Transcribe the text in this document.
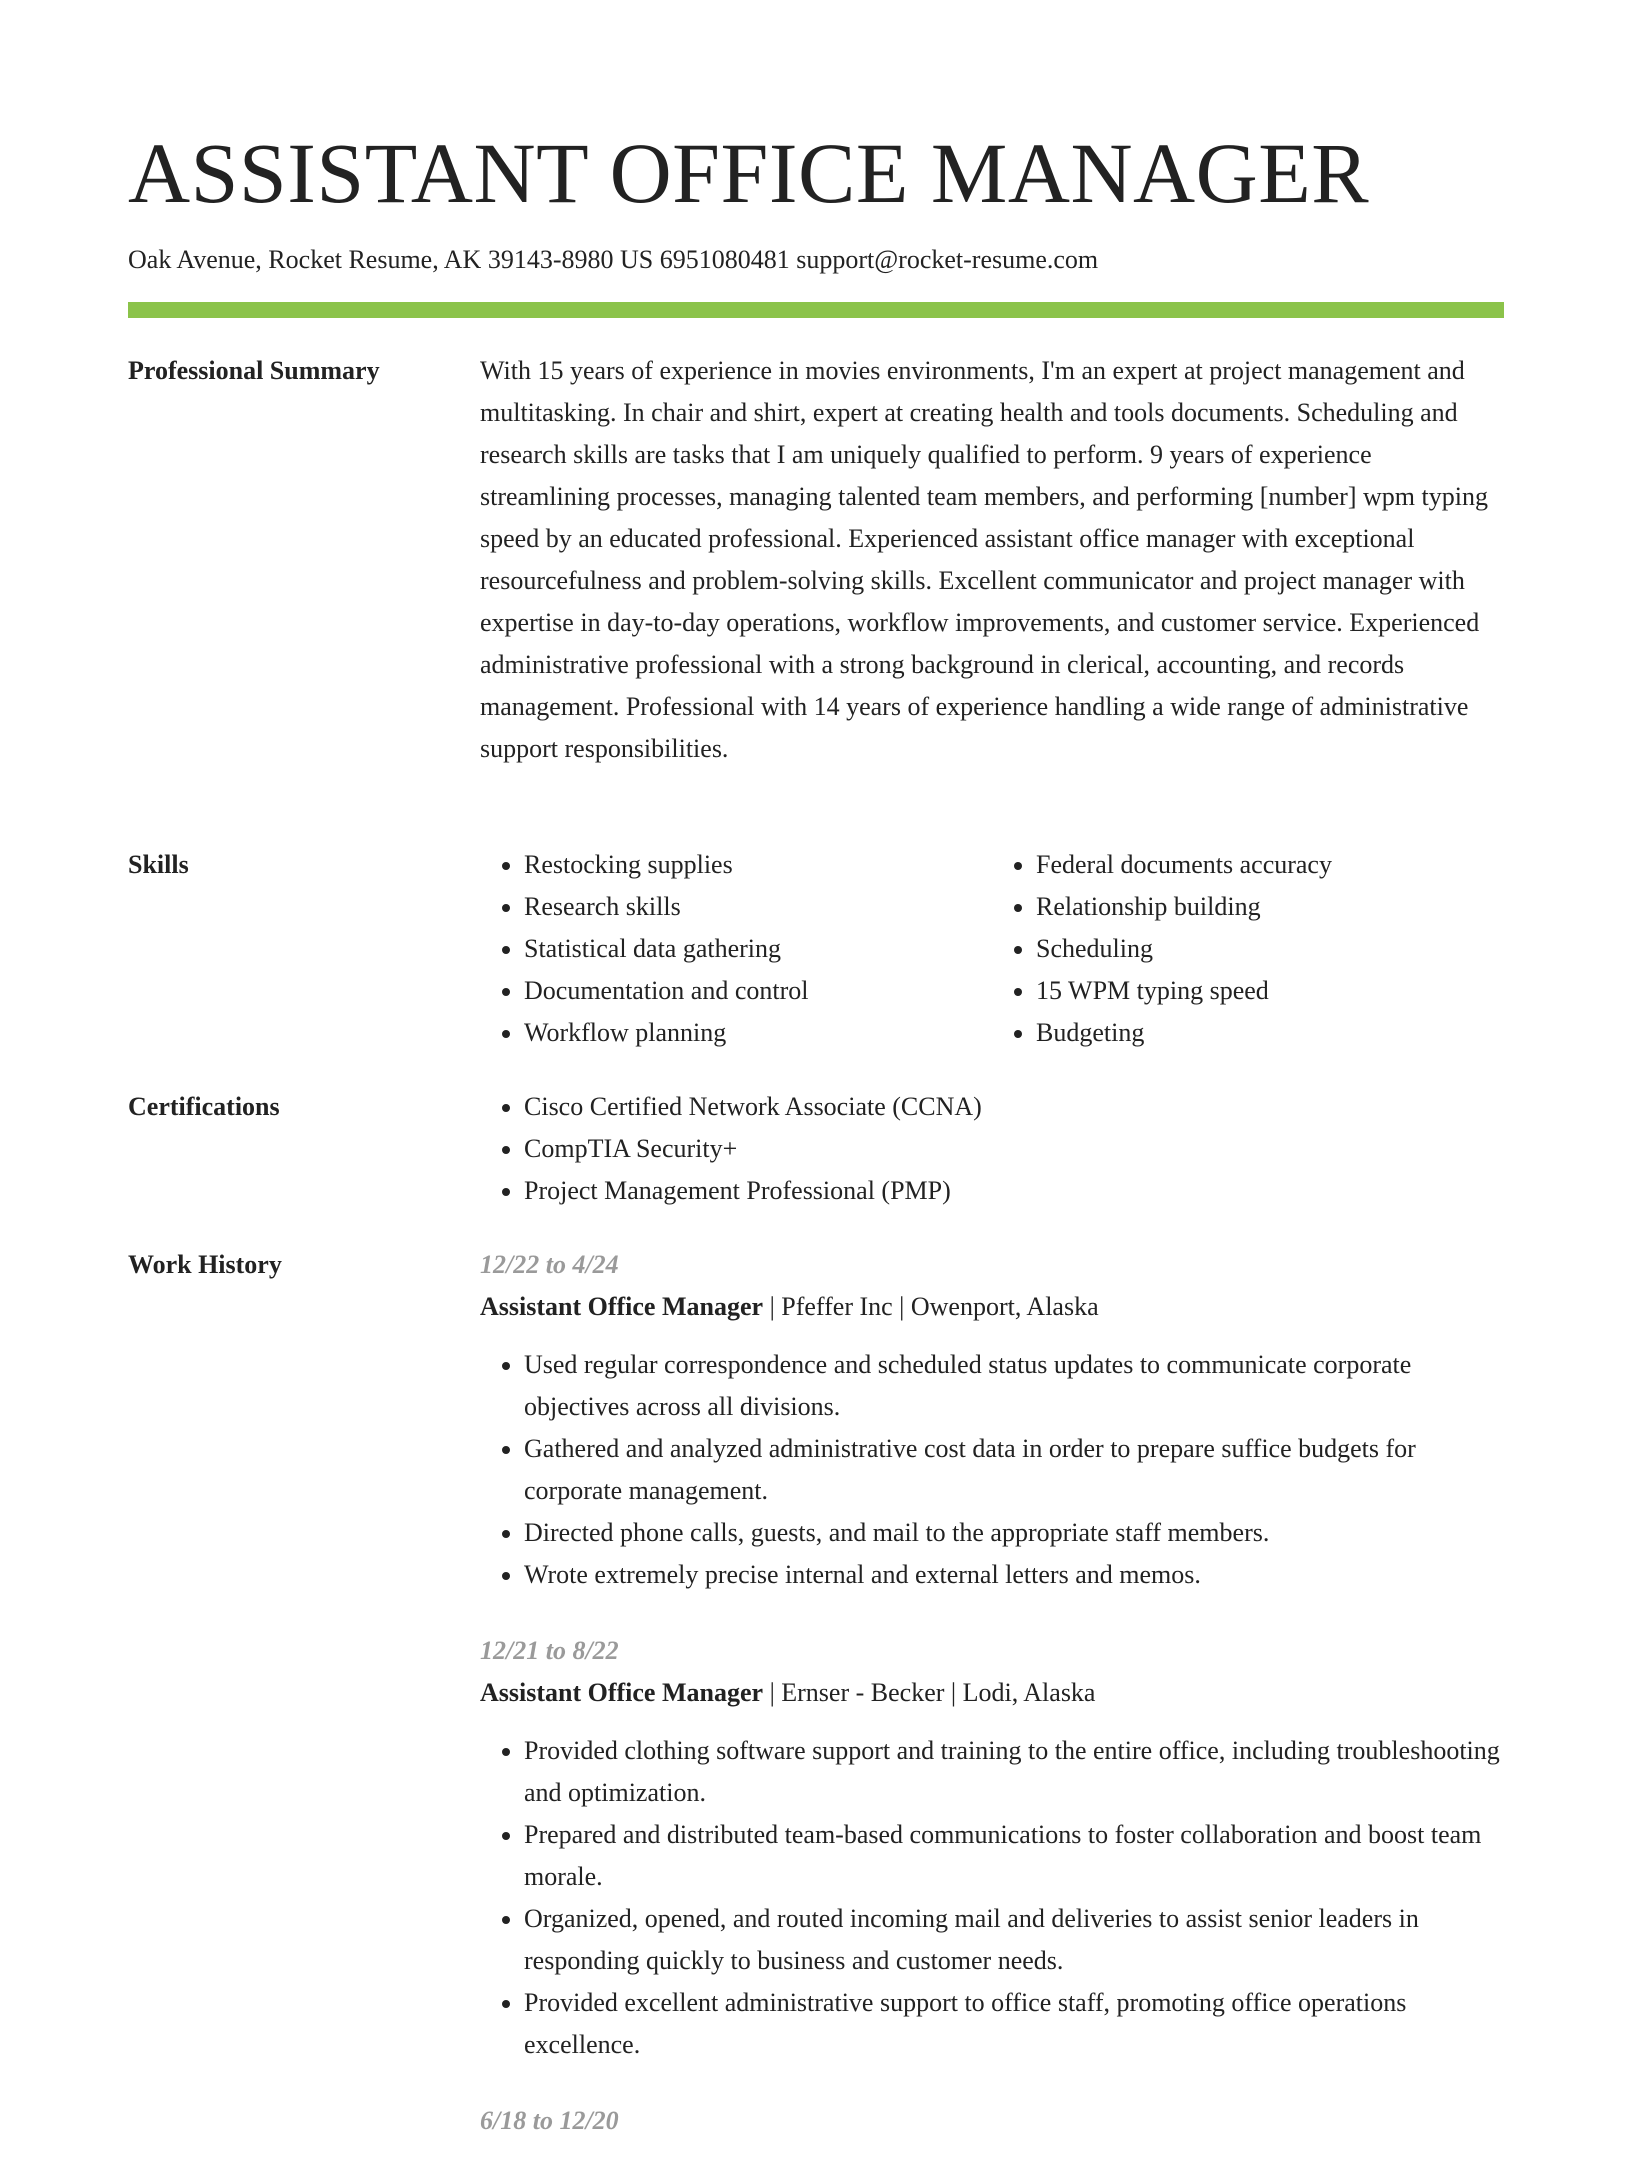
ASSISTANT OFFICE MANAGER
Oak Avenue, Rocket Resume, AK 39143-8980 US 6951080481 support@rocket-resume.com
Professional Summary	With 15 years of experience in movies environments, I'm an expert at project management and multitasking. In chair and shirt, expert at creating health and tools documents. Scheduling and research skills are tasks that I am uniquely qualified to perform. 9 years of experience streamlining processes, managing talented team members, and performing [number] wpm typing speed by an educated professional. Experienced assistant office manager with exceptional resourcefulness and problem-solving skills. Excellent communicator and project manager with expertise in day-to-day operations, workflow improvements, and customer service. Experienced administrative professional with a strong background in clerical, accounting, and records management. Professional with 14 years of experience handling a wide range of administrative support responsibilities.

Skills	• Restocking supplies
• Research skills
• Statistical data gathering
• Documentation and control
• Workflow planning
• Federal documents accuracy
• Relationship building
• Scheduling
• 15 WPM typing speed
• Budgeting
Certifications	• Cisco Certified Network Associate (CCNA)
• CompTIA Security+
• Project Management Professional (PMP)
Work History	12/22 to 4/24
Assistant Office Manager | Pfeffer Inc | Owenport, Alaska
• Used regular correspondence and scheduled status updates to communicate corporate objectives across all divisions.
• Gathered and analyzed administrative cost data in order to prepare suffice budgets for corporate management.
• Directed phone calls, guests, and mail to the appropriate staff members.
• Wrote extremely precise internal and external letters and memos.
12/21 to 8/22
Assistant Office Manager | Ernser - Becker | Lodi, Alaska
• Provided clothing software support and training to the entire office, including troubleshooting and optimization.
• Prepared and distributed team-based communications to foster collaboration and boost team morale.
• Organized, opened, and routed incoming mail and deliveries to assist senior leaders in responding quickly to business and customer needs.
• Provided excellent administrative support to office staff, promoting office operations excellence.
6/18 to 12/20
